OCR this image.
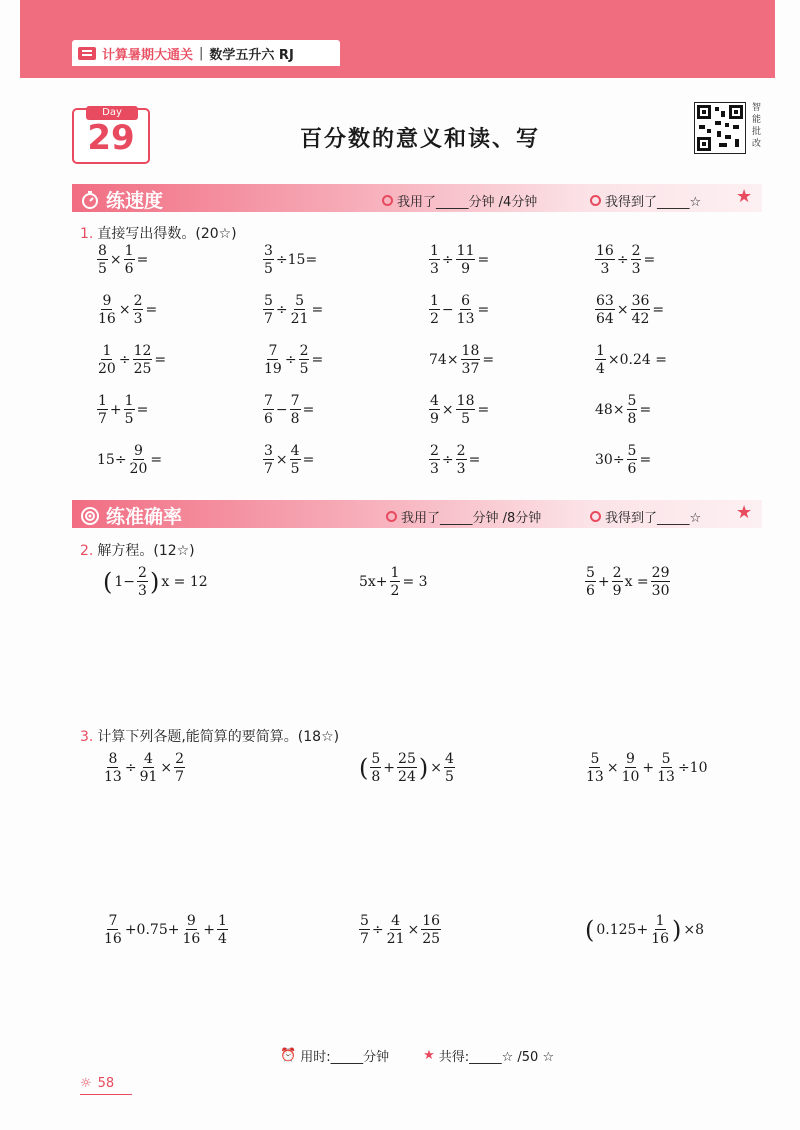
计算暑期大通关 | 数学五升六 RJ
Day
29	百分数的意义和读、写
智能批改
练速度	我用了_____分钟 /4分钟	我得到了_____☆ ★
1. 直接写出得数。(20☆)
$\frac{8}{5} \times \frac{1}{6}$ =	$\frac{3}{5} \div 15=$	$\frac{1}{3} \div \frac{11}{9}$ =	$\frac{16}{3} \div \frac{2}{3}$ =
$\frac{9}{16} \times \frac{2}{3}$ =	$\frac{5}{7} \div \frac{5}{21}$ =	$\frac{1}{2} - \frac{6}{13}$ =	$\frac{63}{64} \times \frac{36}{42}$ =
$\frac{1}{20} \div \frac{12}{25}$ =	$\frac{7}{19} \div \frac{2}{5}$ =	$74\times \frac{18}{37}$ =	$\frac{1}{4} \times 0.24$ =
$\frac{1}{7} + \frac{1}{5}$ =	$\frac{7}{6} - \frac{7}{8}$ =	$\frac{4}{9} \times \frac{18}{5}$ =	$48\times \frac{5}{8}$ =
$15\div \frac{9}{20}$ =	$\frac{3}{7} \times \frac{4}{5}$ =	$\frac{2}{3} \div \frac{2}{3}$ =	$30\div \frac{5}{6}$ =
练准确率	我用了_____分钟 /8分钟	我得到了_____☆ ★
2. 解方程。(12☆)
( $1- \frac{2}{3}$ ) x = 12	$5x+ \frac{1}{2} = 3$	$\frac{5}{6} + \frac{2}{9}$ $x = \frac{29}{30}$
3. 计算下列各题,能简算的要简算。(18☆)
$\frac{8}{13} \div \frac{4}{91} \times \frac{2}{7}$	( $\frac{5}{8} + \frac{25}{24}$ ) × $\frac{4}{5}$	$\frac{5}{13} \times \frac{9}{10} + \frac{5}{13} \div 10$
$\frac{7}{16} +0.75+ \frac{9}{16} + \frac{1}{4}$	$\frac{5}{7} \div \frac{4}{21} \times \frac{16}{25}$	( $0.125+ \frac{1}{16}$ ) ×8
⏰ 用时:_____分钟	★ 共得:_____☆ /50 ☆
☼ 58
